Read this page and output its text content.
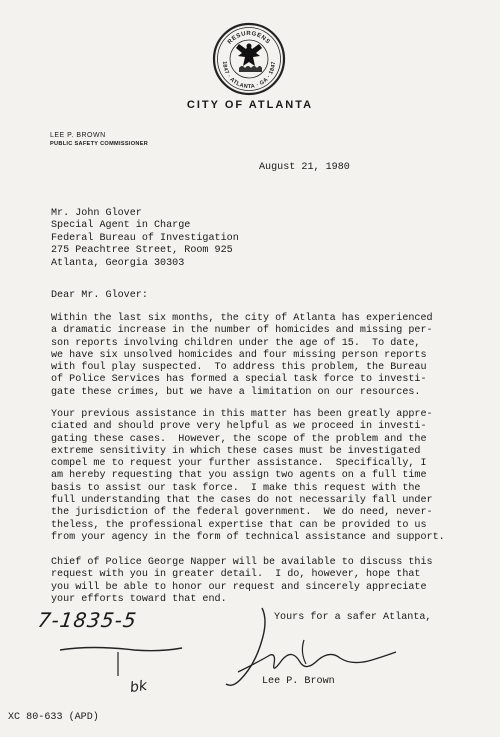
RESURGENS
1847 · ATLANTA · GA · 1847
CITY OF ATLANTA
LEE P. BROWN
PUBLIC SAFETY COMMISSIONER
August 21, 1980
Mr. John Glover
Special Agent in Charge
Federal Bureau of Investigation
275 Peachtree Street, Room 925
Atlanta, Georgia 30303
Dear Mr. Glover:
Within the last six months, the city of Atlanta has experienced
a dramatic increase in the number of homicides and missing per-
son reports involving children under the age of 15.  To date,
we have six unsolved homicides and four missing person reports
with foul play suspected.  To address this problem, the Bureau
of Police Services has formed a special task force to investi-
gate these crimes, but we have a limitation on our resources.
Your previous assistance in this matter has been greatly appre-
ciated and should prove very helpful as we proceed in investi-
gating these cases.  However, the scope of the problem and the
extreme sensitivity in which these cases must be investigated
compel me to request your further assistance.  Specifically, I
am hereby requesting that you assign two agents on a full time
basis to assist our task force.  I make this request with the
full understanding that the cases do not necessarily fall under
the jurisdiction of the federal government.  We do need, never-
theless, the professional expertise that can be provided to us
from your agency in the form of technical assistance and support.
Chief of Police George Napper will be available to discuss this
request with you in greater detail.  I do, however, hope that
you will be able to honor our request and sincerely appreciate
your efforts toward that end.
Yours for a safer Atlanta,
7-1835-5
bk	Lee P. Brown
XC 80-633 (APD)
